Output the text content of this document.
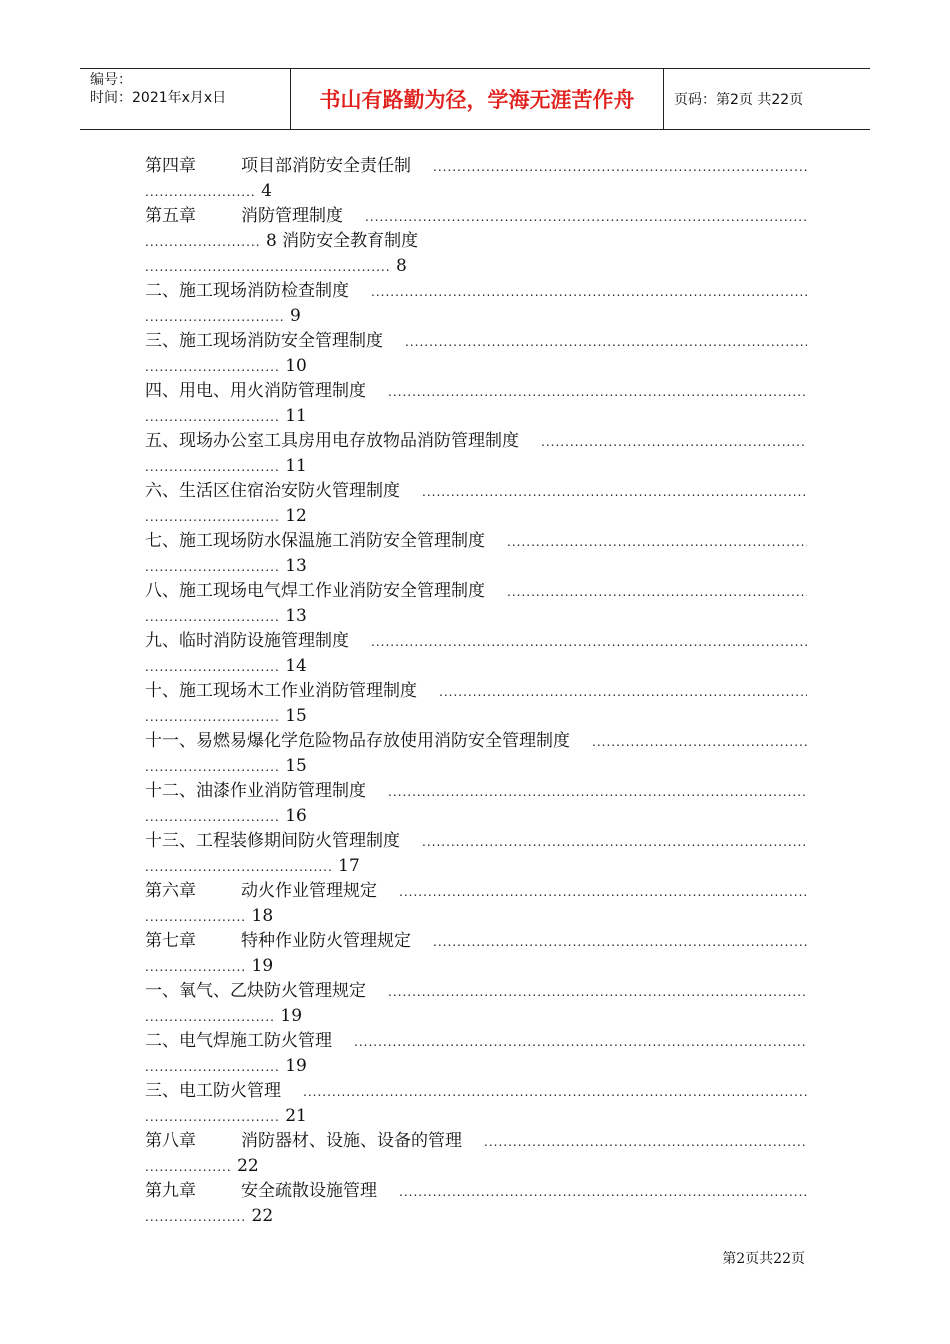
编号：
时间：2021年x月x日	书山有路勤为径，学海无涯苦作舟	页码：第2页 共22页
第四章	项目部消防安全责任制
.....
....................... 4
第五章	消防管理制度
.....
........................ 8 消防安全教育制度
................................................... 8
二、施工现场消防检查制度
.....
............................. 9
三、施工现场消防安全管理制度
.....
............................ 10
四、用电、用火消防管理制度
.....
............................ 11
五、现场办公室工具房用电存放物品消防管理制度
.....
............................ 11
六、生活区住宿治安防火管理制度
.....
............................ 12
七、施工现场防水保温施工消防安全管理制度
.....
............................ 13
八、施工现场电气焊工作业消防安全管理制度
.....
............................ 13
九、临时消防设施管理制度
.....
............................ 14
十、施工现场木工作业消防管理制度
.....
............................ 15
十一、易燃易爆化学危险物品存放使用消防安全管理制度
.....
............................ 15
十二、油漆作业消防管理制度
.....
............................ 16
十三、工程装修期间防火管理制度
.....
....................................... 17
第六章	动火作业管理规定
.....
..................... 18
第七章	特种作业防火管理规定
.....
..................... 19
一、氧气、乙炔防火管理规定
.....
........................... 19
二、电气焊施工防火管理
.....
............................ 19
三、电工防火管理
.....
............................ 21
第八章	消防器材、设施、设备的管理
.....
.................. 22
第九章	安全疏散设施管理
.....
..................... 22
第2页共22页
